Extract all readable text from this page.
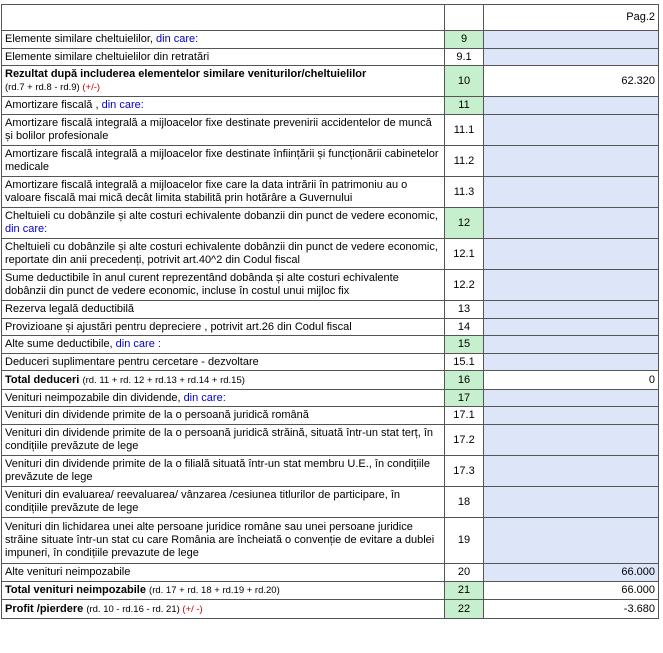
		Pag.2
Elemente similare cheltuielilor, din care:	9	
Elemente similare cheltuielilor din retratări	9.1	
Rezultat după includerea elementelor similare veniturilor/cheltuielilor
(rd.7 + rd.8 - rd.9) (+/-)	10	62.320
Amortizare fiscală , din care:	11	
Amortizare fiscală integrală a mijloacelor fixe destinate prevenirii accidentelor de muncă și bolilor profesionale	11.1	
Amortizare fiscală integrală a mijloacelor fixe destinate înființării și funcționării cabinetelor medicale	11.2	
Amortizare fiscală integrală a mijloacelor fixe care la data intrării în patrimoniu au o valoare fiscală mai mică decât limita stabilită prin hotărâre a Guvernului	11.3	
Cheltuieli cu dobânzile și alte costuri echivalente dobanzii din punct de vedere economic, din care:	12	
Cheltuieli cu dobânzile și alte costuri echivalente dobânzii din punct de vedere economic, reportate din anii precedenți, potrivit art.40^2 din Codul fiscal	12.1	
Sume deductibile în anul curent reprezentând dobânda și alte costuri echivalente dobânzii din punct de vedere economic, incluse în costul unui mijloc fix	12.2	
Rezerva legală deductibilă	13	
Provizioane și ajustări pentru depreciere , potrivit art.26 din Codul fiscal	14	
Alte sume deductibile, din care :	15	
Deduceri suplimentare pentru cercetare - dezvoltare	15.1	
Total deduceri (rd. 11 + rd. 12 + rd.13 + rd.14 + rd.15)	16	0
Venituri neimpozabile din dividende, din care:	17	
Venituri din dividende primite de la o persoană juridică română	17.1	
Venituri din dividende primite de la o persoană juridică străină, situată într-un stat terț, în condițiile prevăzute de lege	17.2	
Venituri din dividende primite de la o filială situată într-un stat membru U.E., în condițiile prevăzute de lege	17.3	
Venituri din evaluarea/ reevaluarea/ vânzarea /cesiunea titlurilor de participare, în condițiile prevăzute de lege	18	
Venituri din lichidarea unei alte persoane juridice române sau unei persoane juridice străine situate într-un stat cu care România are încheiată o convenție de evitare a dublei impuneri, în condițiile prevazute de lege	19	
Alte venituri neimpozabile	20	66.000
Total venituri neimpozabile (rd. 17 + rd. 18 + rd.19 + rd.20)	21	66.000
Profit /pierdere (rd. 10 - rd.16 - rd. 21) (+/ -)	22	-3.680
